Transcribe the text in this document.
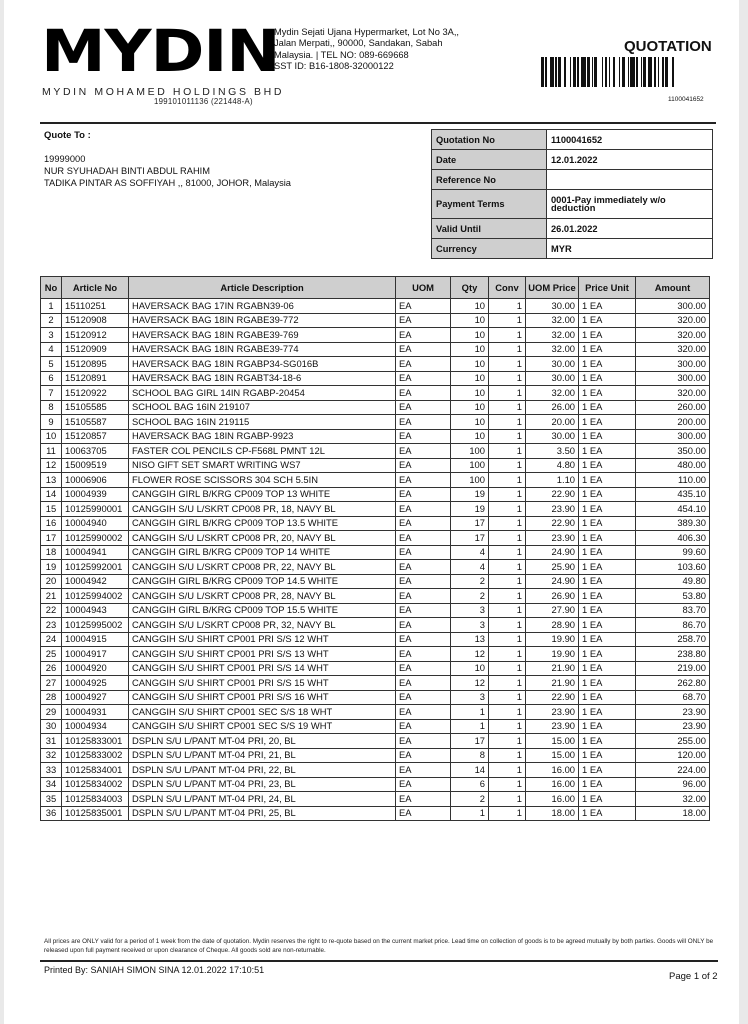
MYDIN
MYDIN MOHAMED HOLDINGS BHD
199101011136 (221448-A)
Mydin Sejati Ujana Hypermarket, Lot No 3A,,
Jalan Merpati,, 90000, Sandakan, Sabah
Malaysia. | TEL NO: 089-669668
SST ID: B16-1808-32000122
QUOTATION
1100041652
Quote To :
19999000
NUR SYUHADAH BINTI ABDUL RAHIM
TADIKA PINTAR AS SOFFIYAH ,, 81000, JOHOR, Malaysia
Quotation No	1100041652
Date	12.01.2022
Reference No	
Payment Terms	0001-Pay immediately w/o deduction
Valid Until	26.01.2022
Currency	MYR
No	Article No	Article Description	UOM	Qty	Conv	UOM Price	Price Unit	Amount
1	15110251	HAVERSACK BAG 17IN RGABN39-06	EA	10	1	30.00	1 EA	300.00
2	15120908	HAVERSACK BAG 18IN RGABE39-772	EA	10	1	32.00	1 EA	320.00
3	15120912	HAVERSACK BAG 18IN RGABE39-769	EA	10	1	32.00	1 EA	320.00
4	15120909	HAVERSACK BAG 18IN RGABE39-774	EA	10	1	32.00	1 EA	320.00
5	15120895	HAVERSACK BAG 18IN RGABP34-SG016B	EA	10	1	30.00	1 EA	300.00
6	15120891	HAVERSACK BAG 18IN RGABT34-18-6	EA	10	1	30.00	1 EA	300.00
7	15120922	SCHOOL BAG GIRL 14IN RGABP-20454	EA	10	1	32.00	1 EA	320.00
8	15105585	SCHOOL BAG 16IN 219107	EA	10	1	26.00	1 EA	260.00
9	15105587	SCHOOL BAG 16IN 219115	EA	10	1	20.00	1 EA	200.00
10	15120857	HAVERSACK BAG 18IN RGABP-9923	EA	10	1	30.00	1 EA	300.00
11	10063705	FASTER COL PENCILS CP-F568L PMNT 12L	EA	100	1	3.50	1 EA	350.00
12	15009519	NISO GIFT SET SMART WRITING WS7	EA	100	1	4.80	1 EA	480.00
13	10006906	FLOWER ROSE SCISSORS 304 SCH 5.5IN	EA	100	1	1.10	1 EA	110.00
14	10004939	CANGGIH GIRL B/KRG CP009 TOP 13 WHITE	EA	19	1	22.90	1 EA	435.10
15	10125990001	CANGGIH S/U L/SKRT CP008 PR, 18, NAVY BL	EA	19	1	23.90	1 EA	454.10
16	10004940	CANGGIH GIRL B/KRG CP009 TOP 13.5 WHITE	EA	17	1	22.90	1 EA	389.30
17	10125990002	CANGGIH S/U L/SKRT CP008 PR, 20, NAVY BL	EA	17	1	23.90	1 EA	406.30
18	10004941	CANGGIH GIRL B/KRG CP009 TOP 14 WHITE	EA	4	1	24.90	1 EA	99.60
19	10125992001	CANGGIH S/U L/SKRT CP008 PR, 22, NAVY BL	EA	4	1	25.90	1 EA	103.60
20	10004942	CANGGIH GIRL B/KRG CP009 TOP 14.5 WHITE	EA	2	1	24.90	1 EA	49.80
21	10125994002	CANGGIH S/U L/SKRT CP008 PR, 28, NAVY BL	EA	2	1	26.90	1 EA	53.80
22	10004943	CANGGIH GIRL B/KRG CP009 TOP 15.5 WHITE	EA	3	1	27.90	1 EA	83.70
23	10125995002	CANGGIH S/U L/SKRT CP008 PR, 32, NAVY BL	EA	3	1	28.90	1 EA	86.70
24	10004915	CANGGIH S/U SHIRT CP001 PRI S/S 12 WHT	EA	13	1	19.90	1 EA	258.70
25	10004917	CANGGIH S/U SHIRT CP001 PRI S/S 13 WHT	EA	12	1	19.90	1 EA	238.80
26	10004920	CANGGIH S/U SHIRT CP001 PRI S/S 14 WHT	EA	10	1	21.90	1 EA	219.00
27	10004925	CANGGIH S/U SHIRT CP001 PRI S/S 15 WHT	EA	12	1	21.90	1 EA	262.80
28	10004927	CANGGIH S/U SHIRT CP001 PRI S/S 16 WHT	EA	3	1	22.90	1 EA	68.70
29	10004931	CANGGIH S/U SHIRT CP001 SEC S/S 18 WHT	EA	1	1	23.90	1 EA	23.90
30	10004934	CANGGIH S/U SHIRT CP001 SEC S/S 19 WHT	EA	1	1	23.90	1 EA	23.90
31	10125833001	DSPLN S/U L/PANT MT-04 PRI, 20, BL	EA	17	1	15.00	1 EA	255.00
32	10125833002	DSPLN S/U L/PANT MT-04 PRI, 21, BL	EA	8	1	15.00	1 EA	120.00
33	10125834001	DSPLN S/U L/PANT MT-04 PRI, 22, BL	EA	14	1	16.00	1 EA	224.00
34	10125834002	DSPLN S/U L/PANT MT-04 PRI, 23, BL	EA	6	1	16.00	1 EA	96.00
35	10125834003	DSPLN S/U L/PANT MT-04 PRI, 24, BL	EA	2	1	16.00	1 EA	32.00
36	10125835001	DSPLN S/U L/PANT MT-04 PRI, 25, BL	EA	1	1	18.00	1 EA	18.00
All prices are ONLY valid for a period of 1 week from the date of quotation. Mydin reserves the right to re-quote based on the current market price. Lead time on collection of goods is to be agreed mutually by both parties. Goods will ONLY be released upon full payment received or upon clearance of Cheque. All goods sold are non-returnable.
Printed By: SANIAH SIMON SINA 12.01.2022 17:10:51
Page 1 of 2
